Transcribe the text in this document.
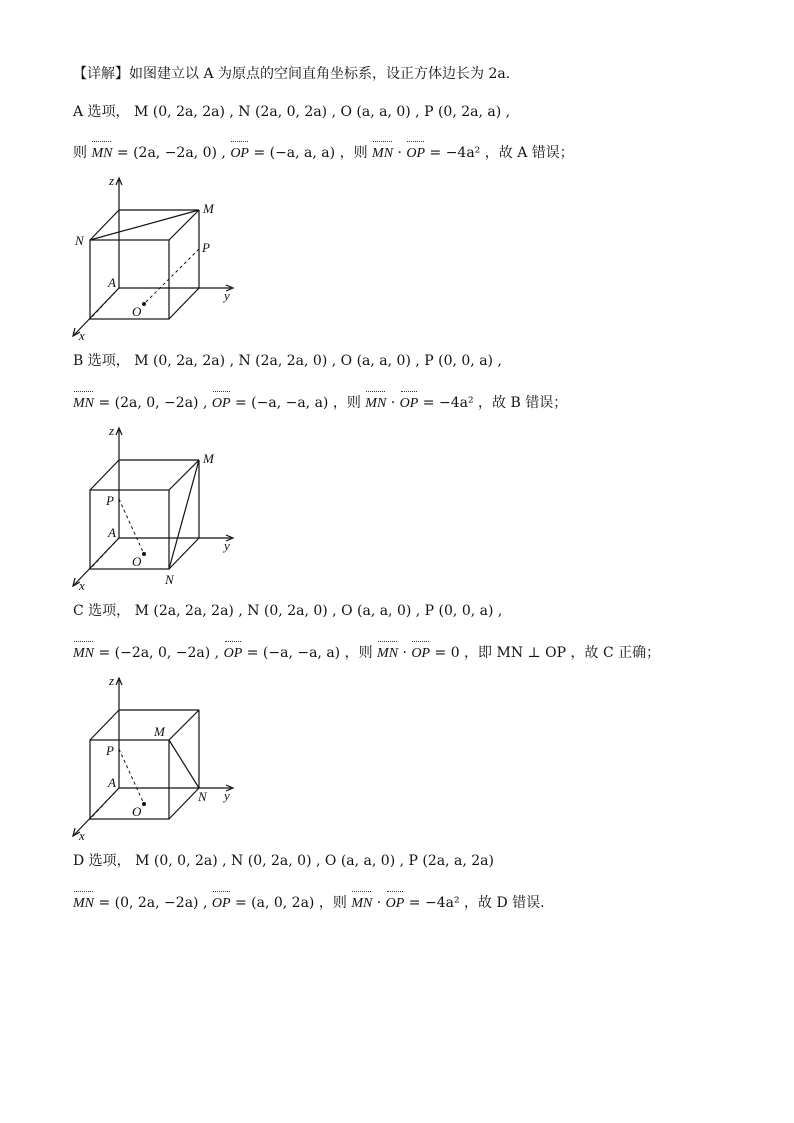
【详解】如图建立以 A 为原点的空间直角坐标系，设正方体边长为 2a.
A 选项， M (0, 2a, 2a) , N (2a, 0, 2a) , O (a, a, 0) , P (0, 2a, a) ,
则 MN = (2a, −2a, 0) , OP = (−a, a, a) ，则 MN · OP = −4a² ，故 A 错误；
z
y
x
A
O
M
N	P
B 选项， M (0, 2a, 2a) , N (2a, 2a, 0) , O (a, a, 0) , P (0, 0, a) ,
MN = (2a, 0, −2a) , OP = (−a, −a, a) ，则 MN · OP = −4a² ，故 B 错误；
z
y
x
A
O
M
N
P
C 选项， M (2a, 2a, 2a) , N (0, 2a, 0) , O (a, a, 0) , P (0, 0, a) ,
MN = (−2a, 0, −2a) , OP = (−a, −a, a) ，则 MN · OP = 0 ，即 MN ⊥ OP ，故 C 正确；
z
y
x
A
O
M
N
P
D 选项， M (0, 0, 2a) , N (0, 2a, 0) , O (a, a, 0) , P (2a, a, 2a)
MN = (0, 2a, −2a) , OP = (a, 0, 2a) ，则 MN · OP = −4a² ，故 D 错误.
